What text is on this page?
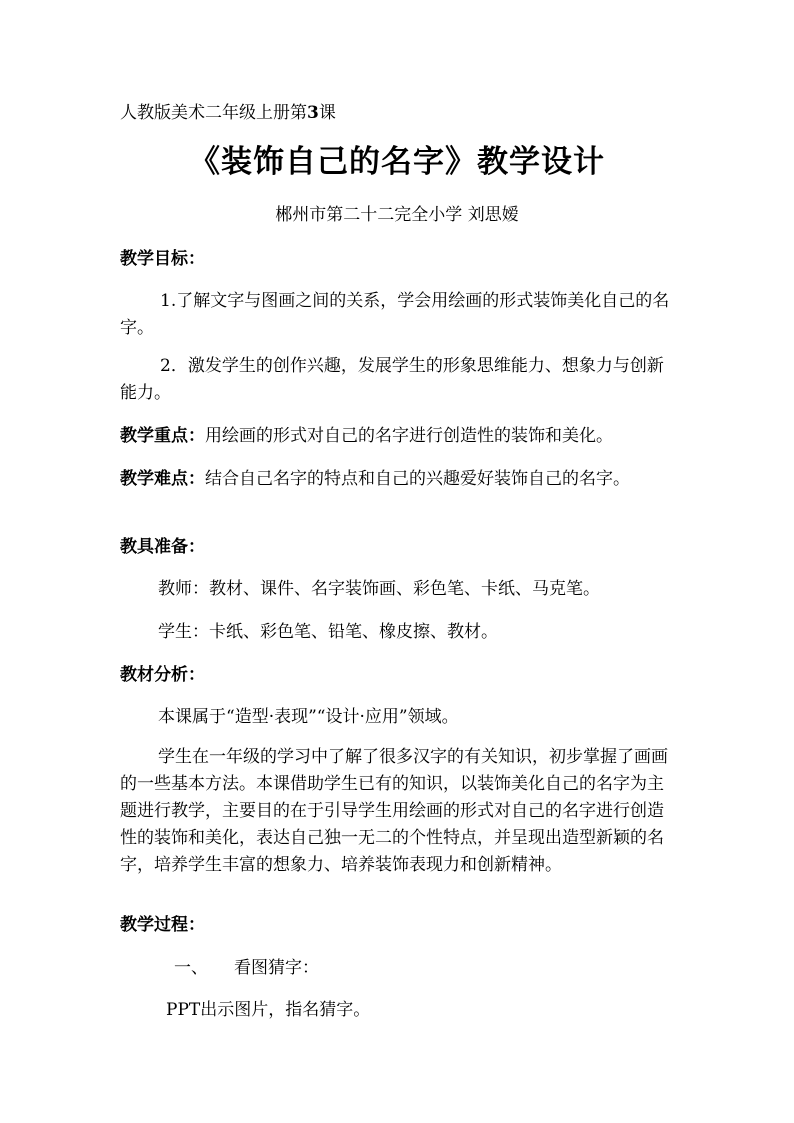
人教版美术二年级上册第3课
《装饰自己的名字》教学设计
郴州市第二十二完全小学 刘思嫒
教学目标：
1.了解文字与图画之间的关系，学会用绘画的形式装饰美化自己的名字。
2．激发学生的创作兴趣，发展学生的形象思维能力、想象力与创新能力。
教学重点：用绘画的形式对自己的名字进行创造性的装饰和美化。
教学难点：结合自己名字的特点和自己的兴趣爱好装饰自己的名字。
教具准备：
教师：教材、课件、名字装饰画、彩色笔、卡纸、马克笔。
学生：卡纸、彩色笔、铅笔、橡皮擦、教材。
教材分析：
本课属于“造型·表现”“设计·应用”领域。
学生在一年级的学习中了解了很多汉字的有关知识，初步掌握了画画的一些基本方法。本课借助学生已有的知识，以装饰美化自己的名字为主题进行教学，主要目的在于引导学生用绘画的形式对自己的名字进行创造性的装饰和美化，表达自己独一无二的个性特点，并呈现出造型新颖的名字，培养学生丰富的想象力、培养装饰表现力和创新精神。
教学过程：
一、 看图猜字：
PPT出示图片，指名猜字。
